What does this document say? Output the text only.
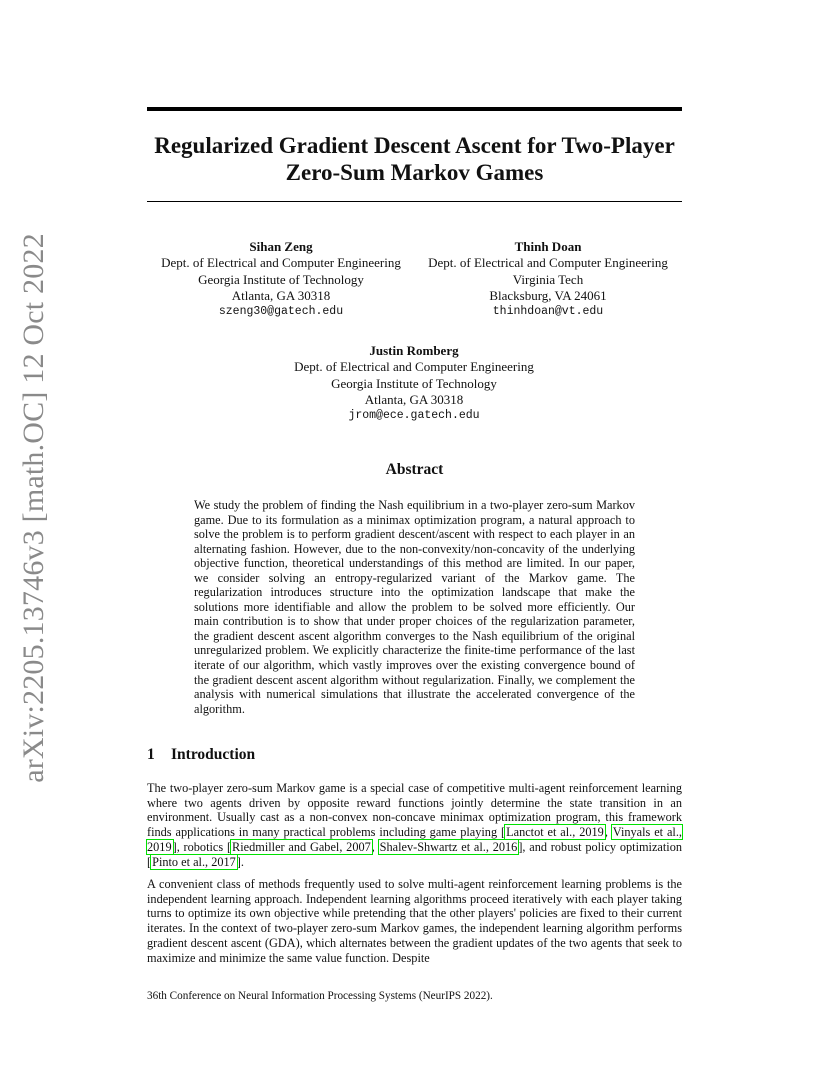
arXiv:2205.13746v3 [math.OC] 12 Oct 2022
Regularized Gradient Descent Ascent for Two-Player Zero-Sum Markov Games
Sihan Zeng
Dept. of Electrical and Computer Engineering
Georgia Institute of Technology
Atlanta, GA 30318
szeng30@gatech.edu
Thinh Doan
Dept. of Electrical and Computer Engineering
Virginia Tech
Blacksburg, VA 24061
thinhdoan@vt.edu
Justin Romberg
Dept. of Electrical and Computer Engineering
Georgia Institute of Technology
Atlanta, GA 30318
jrom@ece.gatech.edu
Abstract

We study the problem of finding the Nash equilibrium in a two-player zero-sum Markov game. Due to its formulation as a minimax optimization program, a natural approach to solve the problem is to perform gradient descent/ascent with respect to each player in an alternating fashion. However, due to the non-convexity/non-concavity of the underlying objective function, theoretical understandings of this method are limited. In our paper, we consider solving an entropy-regularized variant of the Markov game. The regularization introduces structure into the optimization landscape that make the solutions more identifiable and allow the problem to be solved more efficiently. Our main contribution is to show that under proper choices of the regularization parameter, the gradient descent ascent algorithm converges to the Nash equilibrium of the original unregularized problem. We explicitly characterize the finite-time performance of the last iterate of our algorithm, which vastly improves over the existing convergence bound of the gradient descent ascent algorithm without regularization. Finally, we complement the analysis with numerical simulations that illustrate the accelerated convergence of the algorithm.

1 Introduction

The two-player zero-sum Markov game is a special case of competitive multi-agent reinforcement learning where two agents driven by opposite reward functions jointly determine the state transition in an environment. Usually cast as a non-convex non-concave minimax optimization program, this framework finds applications in many practical problems including game playing [Lanctot et al., 2019, Vinyals et al., 2019], robotics [Riedmiller and Gabel, 2007, Shalev-Shwartz et al., 2016], and robust policy optimization [Pinto et al., 2017].

A convenient class of methods frequently used to solve multi-agent reinforcement learning problems is the independent learning approach. Independent learning algorithms proceed iteratively with each player taking turns to optimize its own objective while pretending that the other players' policies are fixed to their current iterates. In the context of two-player zero-sum Markov games, the independent learning algorithm performs gradient descent ascent (GDA), which alternates between the gradient updates of the two agents that seek to maximize and minimize the same value function. Despite

36th Conference on Neural Information Processing Systems (NeurIPS 2022).
